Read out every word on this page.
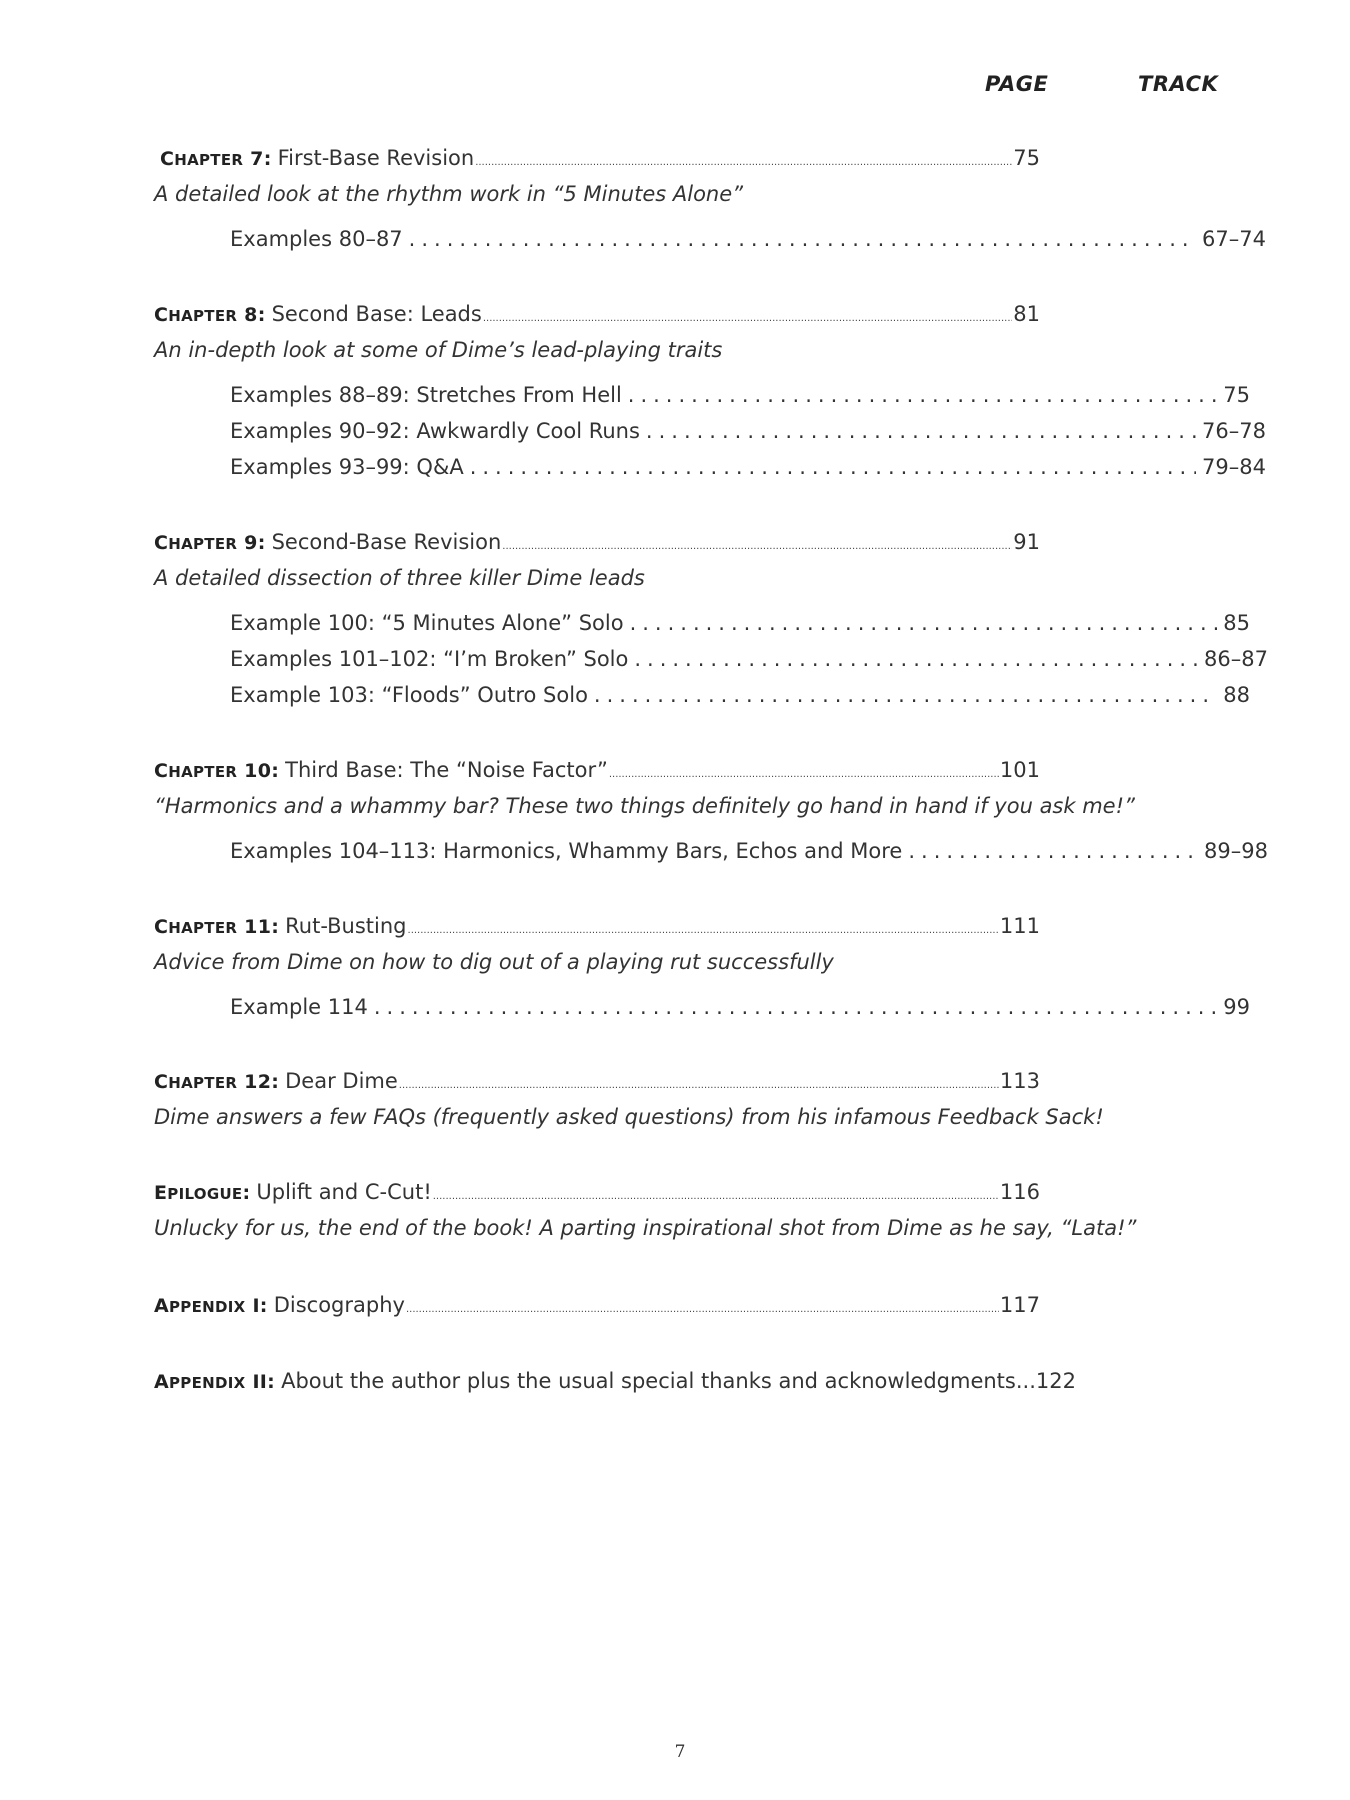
PAGE	TRACK
CHAPTER 7: First-Base Revision .....	75
A detailed look at the rhythm work in “5 Minutes Alone”
Examples 80–87 .....	67–74
CHAPTER 8: Second Base: Leads .....	81
An in-depth look at some of Dime’s lead-playing traits
Examples 88–89: Stretches From Hell .....	75
Examples 90–92: Awkwardly Cool Runs .....	76–78
Examples 93–99: Q&A .....	79–84
CHAPTER 9: Second-Base Revision .....	91
A detailed dissection of three killer Dime leads
Example 100: “5 Minutes Alone” Solo .....	85
Examples 101–102: “I’m Broken” Solo .....	86–87
Example 103: “Floods” Outro Solo .....	88
CHAPTER 10: Third Base: The “Noise Factor” .....	101
“Harmonics and a whammy bar? These two things definitely go hand in hand if you ask me!”
Examples 104–113: Harmonics, Whammy Bars, Echos and More .....	89–98
CHAPTER 11: Rut-Busting .....	111
Advice from Dime on how to dig out of a playing rut successfully
Example 114 .....	99
CHAPTER 12: Dear Dime .....	113
Dime answers a few FAQs (frequently asked questions) from his infamous Feedback Sack!
EPILOGUE: Uplift and C-Cut! .....	116
Unlucky for us, the end of the book! A parting inspirational shot from Dime as he say, “Lata!”
APPENDIX I: Discography .....	117
APPENDIX II: About the author plus the usual special thanks and acknowledgments... 122
7
